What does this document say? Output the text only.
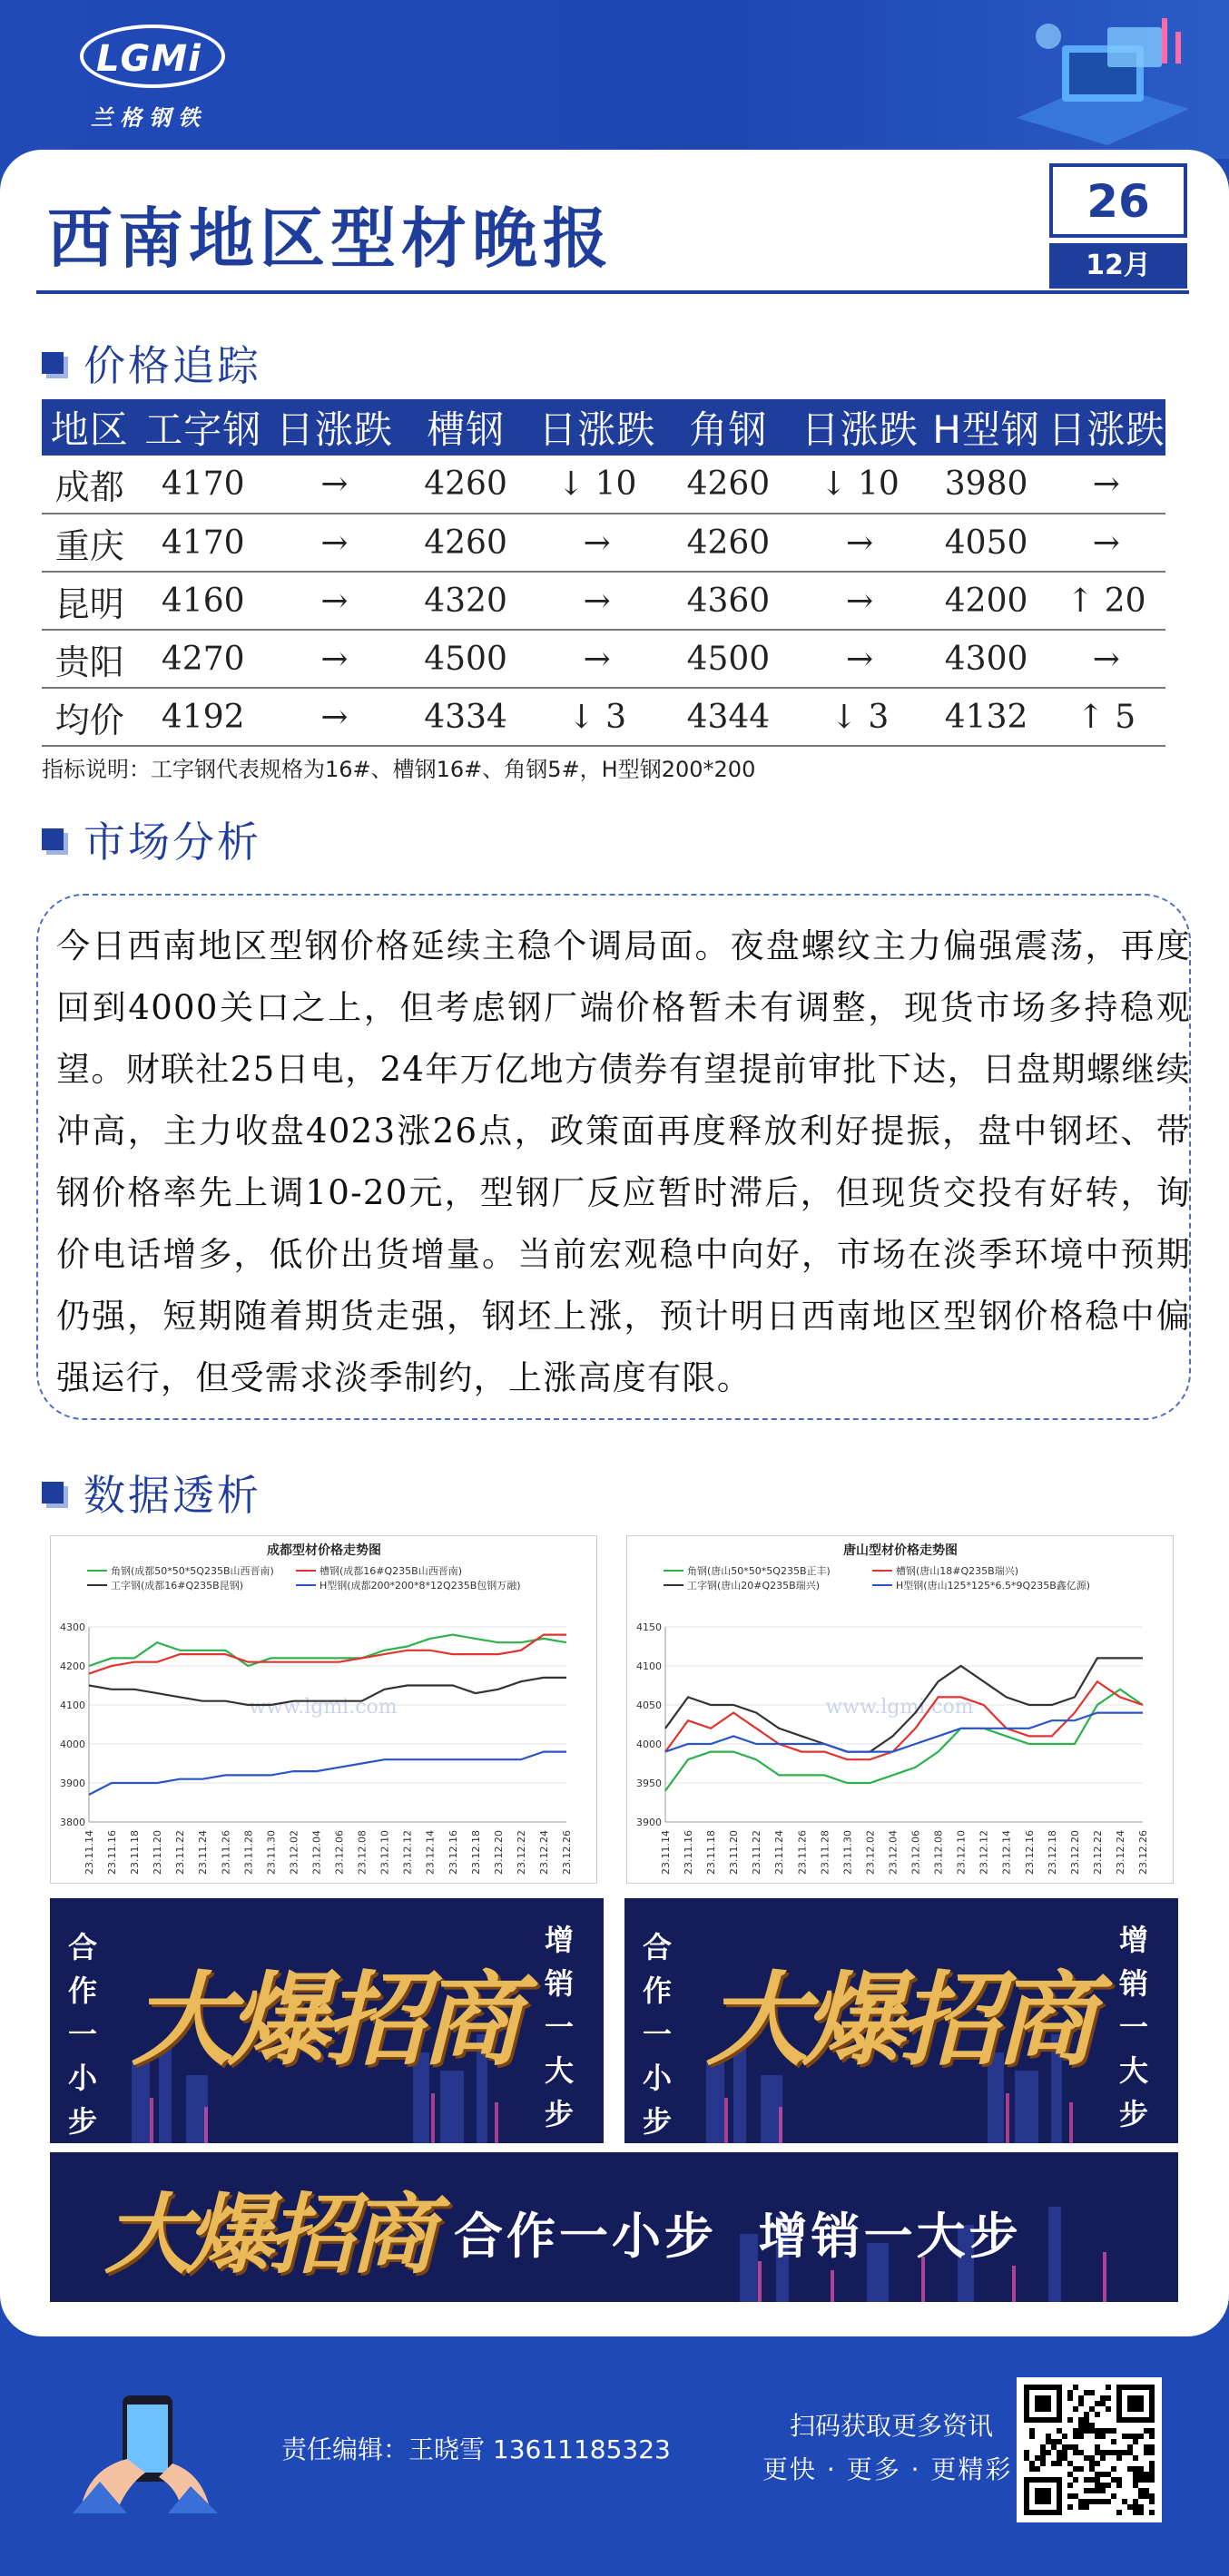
LGMi
兰格钢铁
西南地区型材晚报	26
12月
价格追踪
地区	工字钢	日涨跌	槽钢	日涨跌	角钢	日涨跌	H型钢	日涨跌
成都	4170	→	4260	↓ 10	4260	↓ 10	3980	→
重庆	4170	→	4260	→	4260	→	4050	→
昆明	4160	→	4320	→	4360	→	4200	↑ 20
贵阳	4270	→	4500	→	4500	→	4300	→
均价	4192	→	4334	↓ 3	4344	↓ 3	4132	↑ 5
指标说明：工字钢代表规格为16#、槽钢16#、角钢5#，H型钢200*200
市场分析
今日西南地区型钢价格延续主稳个调局面。夜盘螺纹主力偏强震荡，再度回到4000关口之上，但考虑钢厂端价格暂未有调整，现货市场多持稳观望。财联社25日电，24年万亿地方债券有望提前审批下达，日盘期螺继续冲高，主力收盘4023涨26点，政策面再度释放利好提振，盘中钢坯、带钢价格率先上调10-20元，型钢厂反应暂时滞后，但现货交投有好转，询价电话增多，低价出货增量。当前宏观稳中向好，市场在淡季环境中预期仍强，短期随着期货走强，钢坯上涨，预计明日西南地区型钢价格稳中偏强运行，但受需求淡季制约，上涨高度有限。
数据透析
成都型材价格走势图
角钢(成都50*50*5Q235B山西晋南)	槽钢(成都16#Q235B山西晋南)
工字钢(成都16#Q235B昆钢)	H型钢(成都200*200*8*12Q235B包钢万融)
4300
4200
4100
4000
3900
3800
www.lgmi.com
23.11.14 23.11.16 23.11.18 23.11.20 23.11.22 23.11.24 23.11.26 23.11.28 23.11.30 23.12.02 23.12.04 23.12.06 23.12.08 23.12.10 23.12.12 23.12.14 23.12.16 23.12.18 23.12.20 23.12.22 23.12.24 23.12.26
唐山型材价格走势图
角钢(唐山50*50*5Q235B正丰)	槽钢(唐山18#Q235B瑞兴)
工字钢(唐山20#Q235B瑞兴)	H型钢(唐山125*125*6.5*9Q235B鑫亿源)
4150
4100
4050
4000
3950
3900
www.lgmi.com
23.11.14 23.11.16 23.11.18 23.11.20 23.11.22 23.11.24 23.11.26 23.11.28 23.11.30 23.12.02 23.12.04 23.12.06 23.12.08 23.12.10 23.12.12 23.12.14 23.12.16 23.12.18 23.12.20 23.12.22 23.12.24 23.12.26
合作一小步
增销一大步
大爆招商
合作一小步
增销一大步
大爆招商
大爆招商 合作一小步  增销一大步
责任编辑：王晓雪 13611185323
扫码获取更多资讯
更快 · 更多 · 更精彩
